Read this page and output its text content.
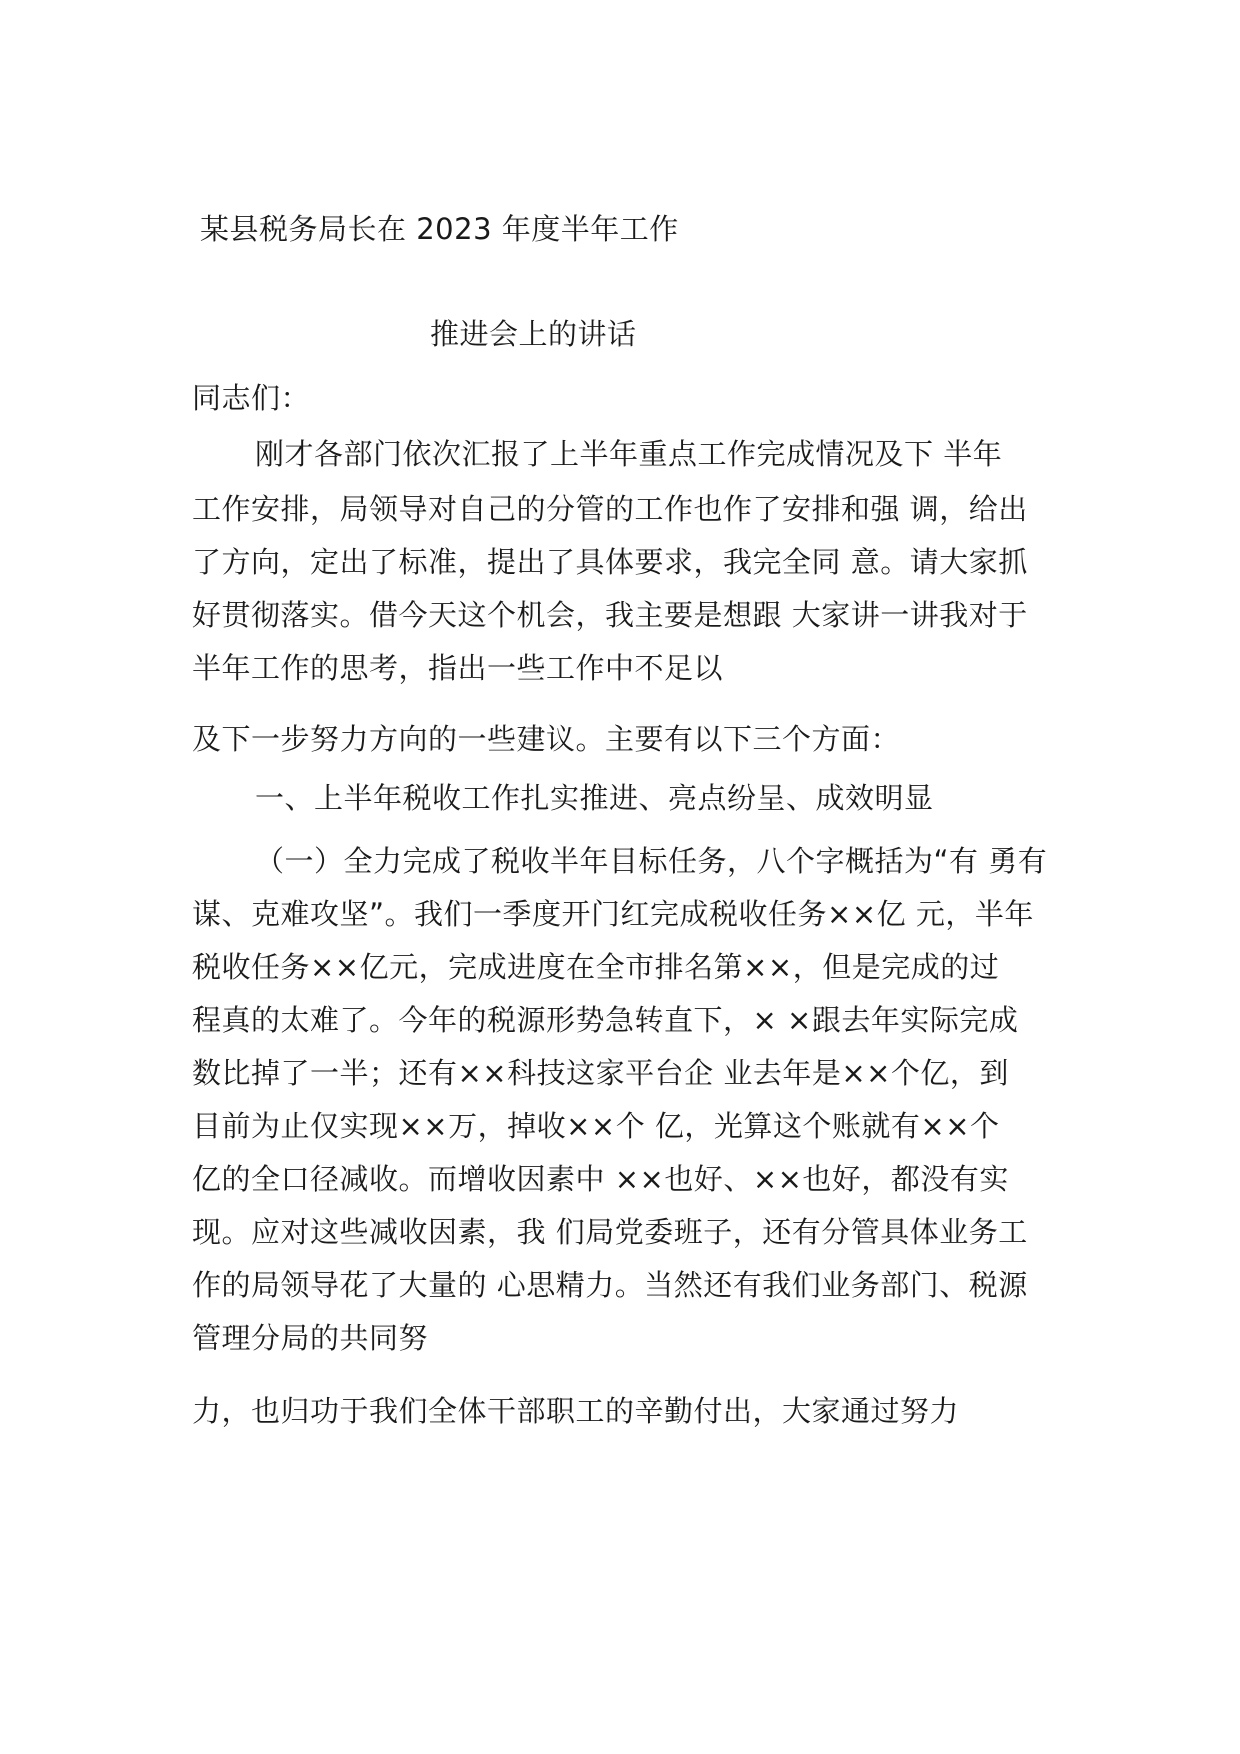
某县税务局长在 2023 年度半年工作
推进会上的讲话
同志们：
刚才各部门依次汇报了上半年重点工作完成情况及下 半年
工作安排，局领导对自己的分管的工作也作了安排和强 调，给出
了方向，定出了标准，提出了具体要求，我完全同 意。请大家抓
好贯彻落实。借今天这个机会，我主要是想跟 大家讲一讲我对于
半年工作的思考，指出一些工作中不足以
及下一步努力方向的一些建议。主要有以下三个方面：
一、上半年税收工作扎实推进、亮点纷呈、成效明显
（一）全力完成了税收半年目标任务，八个字概括为“有 勇有
谋、克难攻坚”。我们一季度开门红完成税收任务××亿 元，半年
税收任务××亿元，完成进度在全市排名第××，但是完成的过
程真的太难了。今年的税源形势急转直下，× ×跟去年实际完成
数比掉了一半；还有××科技这家平台企 业去年是××个亿，到
目前为止仅实现××万，掉收××个 亿，光算这个账就有××个
亿的全口径减收。而增收因素中 ××也好、××也好，都没有实
现。应对这些减收因素，我 们局党委班子，还有分管具体业务工
作的局领导花了大量的 心思精力。当然还有我们业务部门、税源
管理分局的共同努
力，也归功于我们全体干部职工的辛勤付出，大家通过努力
